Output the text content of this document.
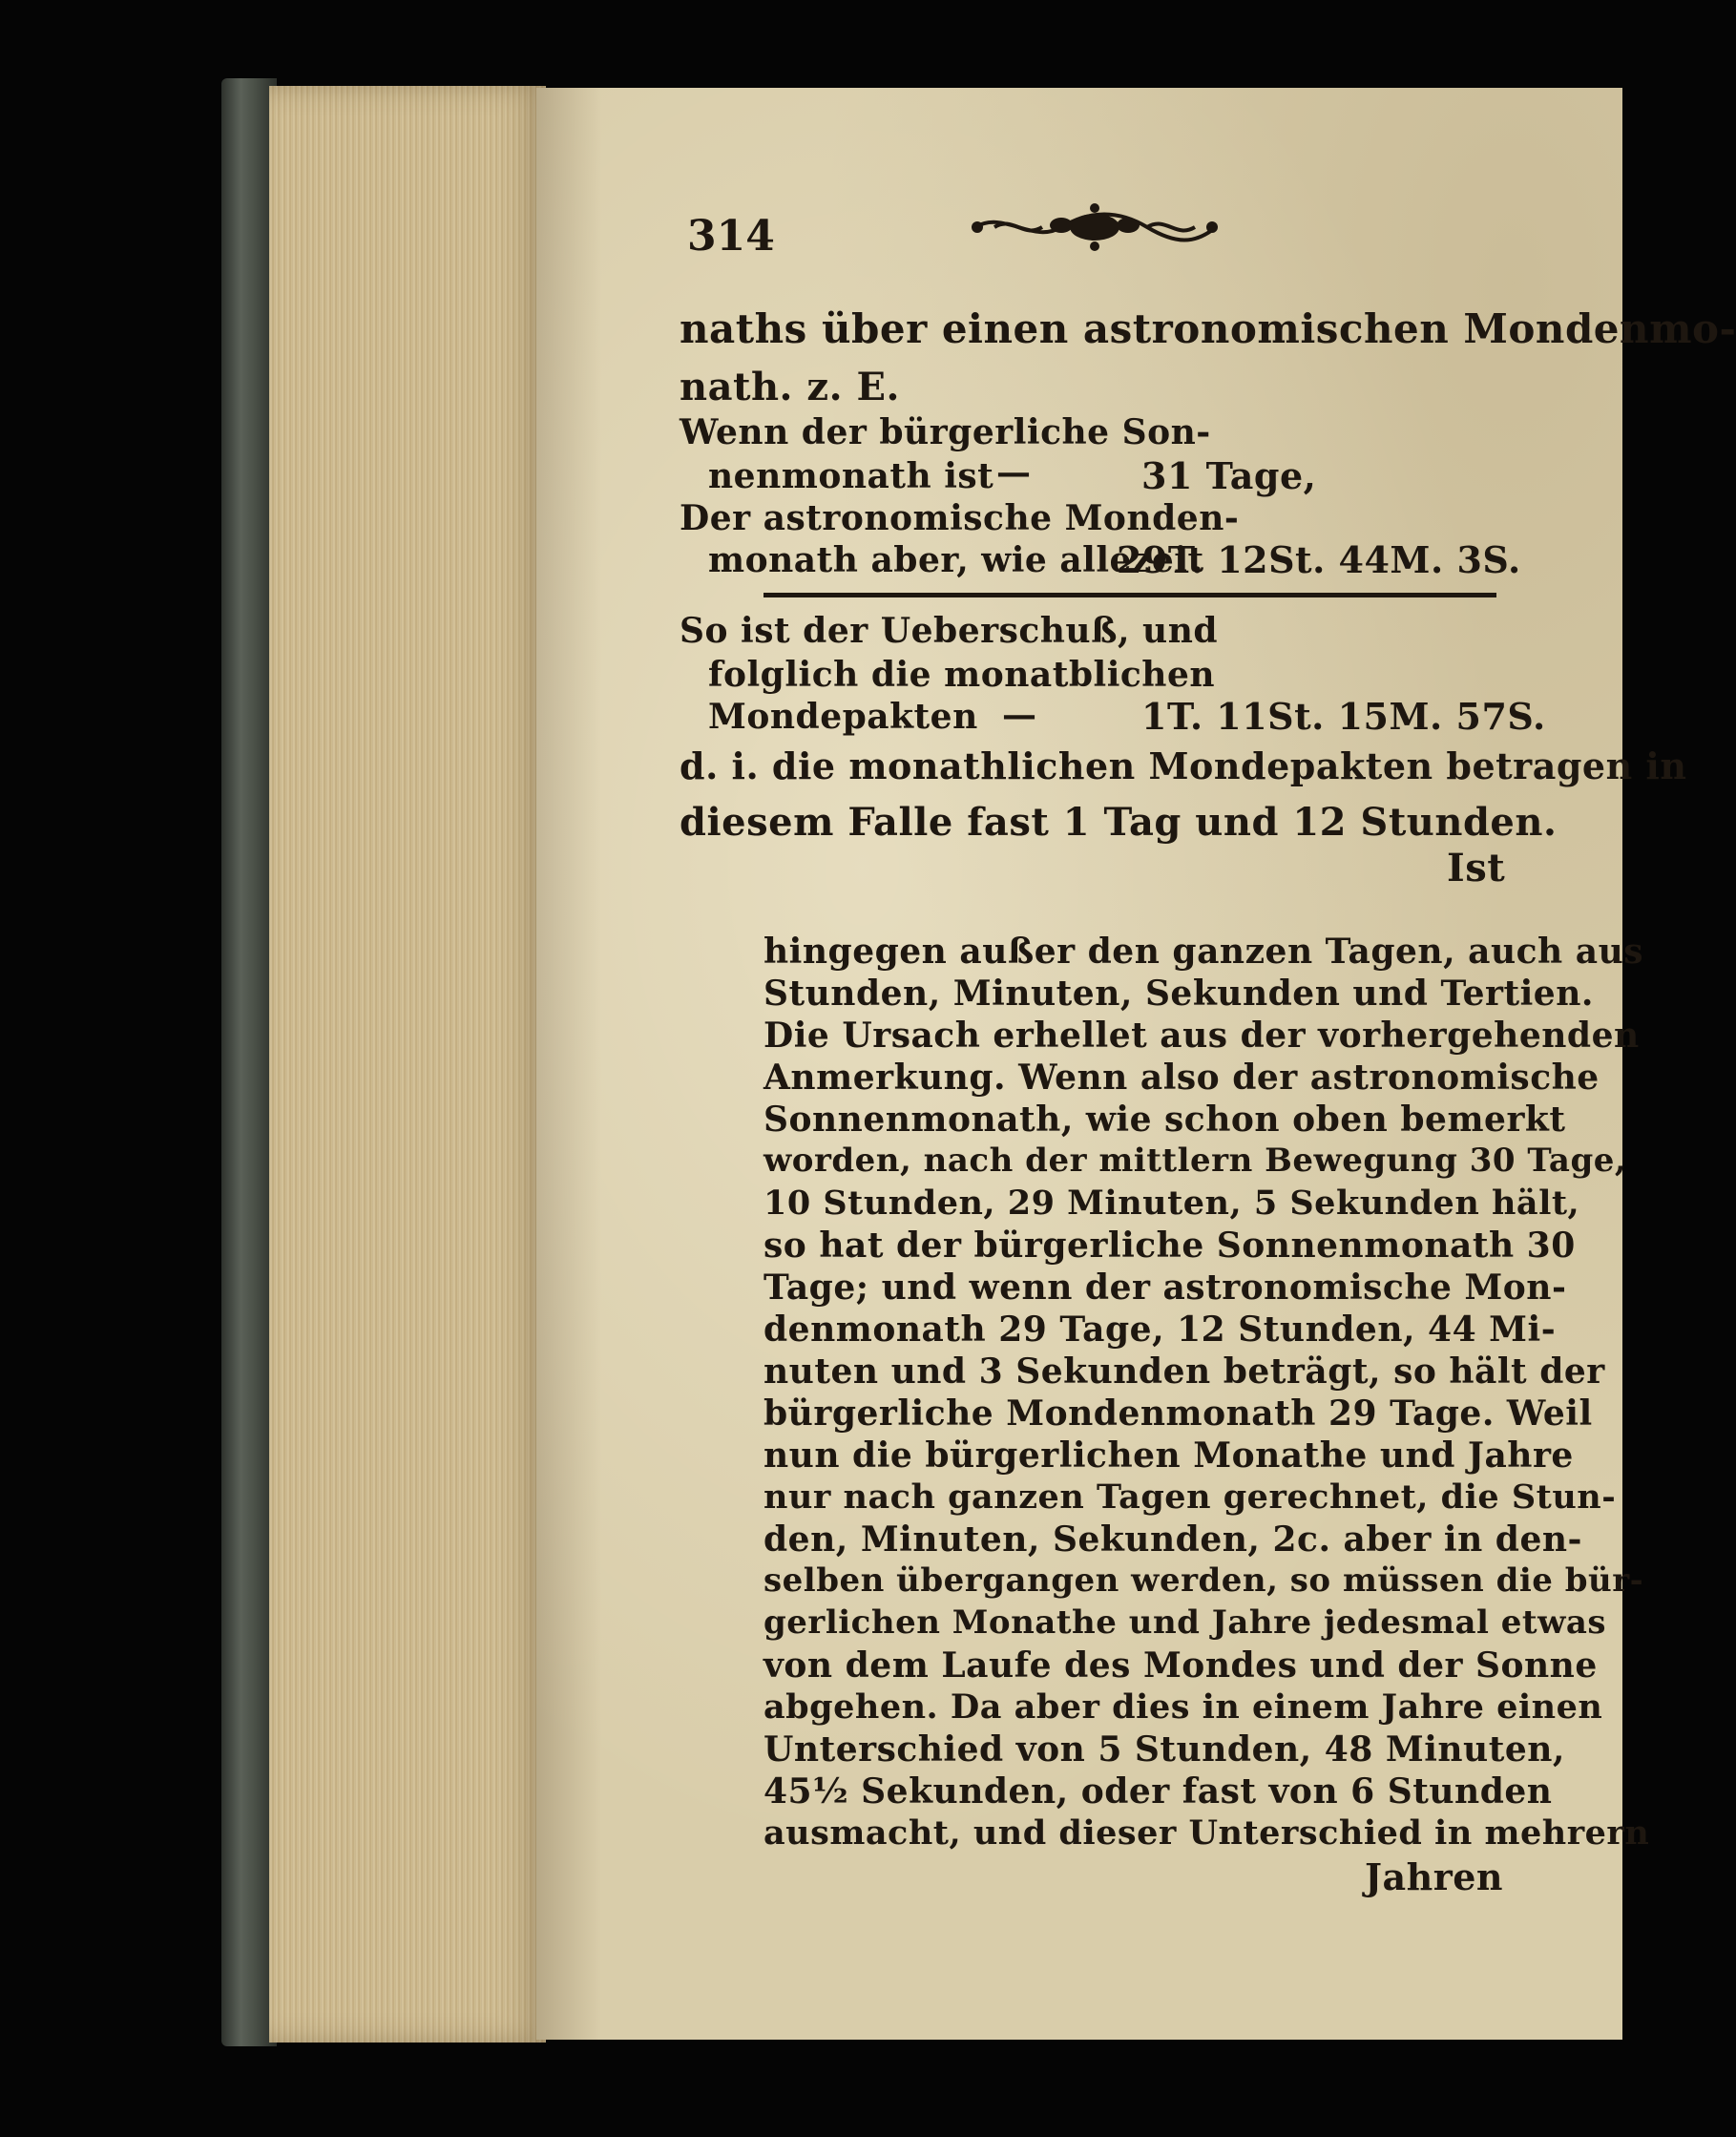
314
naths über einen astronomischen Mondenmo-
nath. z. E.
Wenn der bürgerliche Son-
nenmonath ist —	31 Tage,
Der astronomische Monden-
monath aber, wie allezeit
29T. 12St. 44M. 3S.
So ist der Ueberschuß, und
folglich die monatblichen
Mondepakten —	1T. 11St. 15M. 57S.
d. i. die monathlichen Mondepakten betragen in
diesem Falle fast 1 Tag und 12 Stunden.
Ist
hingegen außer den ganzen Tagen, auch aus
Stunden, Minuten, Sekunden und Tertien.
Die Ursach erhellet aus der vorhergehenden
Anmerkung. Wenn also der astronomische
Sonnenmonath, wie schon oben bemerkt
worden, nach der mittlern Bewegung 30 Tage,
10 Stunden, 29 Minuten, 5 Sekunden hält,
so hat der bürgerliche Sonnenmonath 30
Tage; und wenn der astronomische Mon-
denmonath 29 Tage, 12 Stunden, 44 Mi-
nuten und 3 Sekunden beträgt, so hält der
bürgerliche Mondenmonath 29 Tage. Weil
nun die bürgerlichen Monathe und Jahre
nur nach ganzen Tagen gerechnet, die Stun-
den, Minuten, Sekunden, 2c. aber in den-
selben übergangen werden, so müssen die bür-
gerlichen Monathe und Jahre jedesmal etwas
von dem Laufe des Mondes und der Sonne
abgehen. Da aber dies in einem Jahre einen
Unterschied von 5 Stunden, 48 Minuten,
45½ Sekunden, oder fast von 6 Stunden
ausmacht, und dieser Unterschied in mehrern
Jahren
